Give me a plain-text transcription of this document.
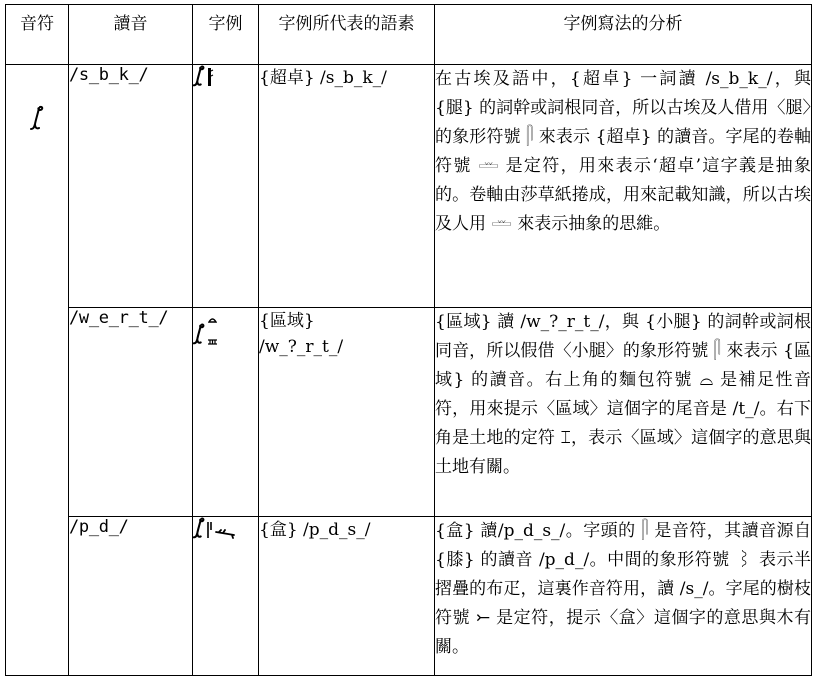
音符	讀音	字例	字例所代表的語素	字例寫法的分析
	/s_b_k_/		{超卓} /s_b_k_/	在古埃及語中，{超卓} 一詞讀 /s_b_k_/，與 {腿} 的詞幹或詞根同音，所以古埃及人借用〈腿〉的象形符號 𓋴 來表示 {超卓} 的讀音。字尾的卷軸符號 𓏛 是定符，用來表示‘超卓’這字義是抽象的。卷軸由莎草紙捲成，用來記載知識，所以古埃及人用 𓏛 來表示抽象的思維。
	/w_e_r_t_/		{區域}
/w_?_r_t_/	{區域} 讀 /w_?_r_t_/，與 {小腿} 的詞幹或詞根同音，所以假借〈小腿〉的象形符號 𓋴 來表示 {區域} 的讀音。右上角的麵包符號 ⌓ 是補足性音符，用來提示〈區域〉這個字的尾音是 /t_/。右下角是土地的定符 ⌶，表示〈區域〉這個字的意思與土地有關。
	/p_d_/		{盒} /p_d_s_/	{盒} 讀/p_d_s_/。字頭的 𓋴 是音符，其讀音源自 {膝} 的讀音 /p_d_/。中間的象形符號 ⌇ 表示半摺疊的布疋，這裏作音符用，讀 /s_/。字尾的樹枝符號 ⤚ 是定符，提示〈盒〉這個字的意思與木有關。
